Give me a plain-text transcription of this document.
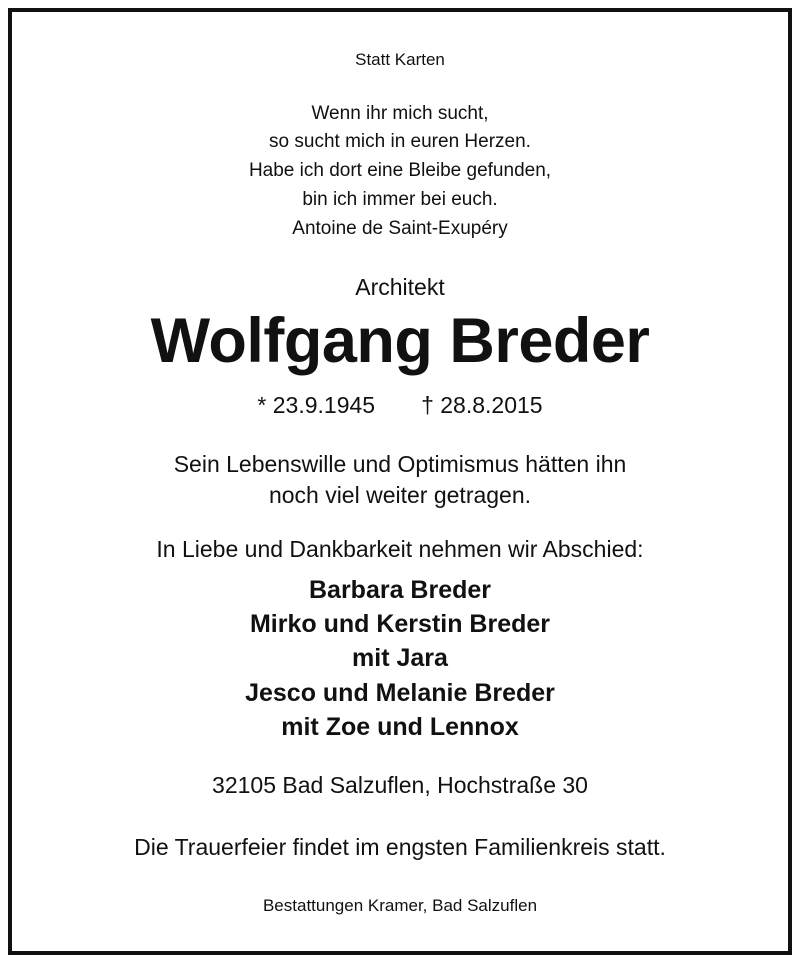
Statt Karten
Wenn ihr mich sucht,
so sucht mich in euren Herzen.
Habe ich dort eine Bleibe gefunden,
bin ich immer bei euch.
Antoine de Saint-Exupéry
Architekt
Wolfgang Breder
* 23.9.1945 † 28.8.2015
Sein Lebenswille und Optimismus hätten ihn
noch viel weiter getragen.
In Liebe und Dankbarkeit nehmen wir Abschied:
Barbara Breder
Mirko und Kerstin Breder
mit Jara
Jesco und Melanie Breder
mit Zoe und Lennox
32105 Bad Salzuflen, Hochstraße 30
Die Trauerfeier findet im engsten Familienkreis statt.
Bestattungen Kramer, Bad Salzuflen
